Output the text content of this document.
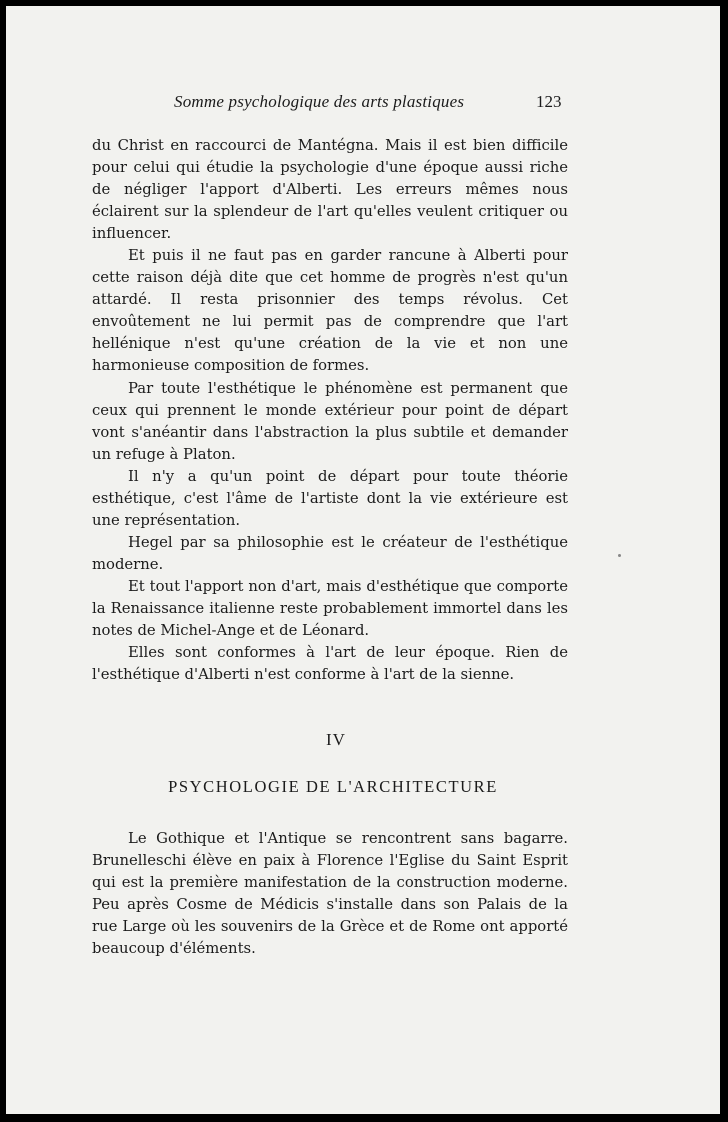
Somme psychologique des arts plastiques	123

du Christ en raccourci de Mantégna. Mais il est bien difficile pour celui qui étudie la psychologie d'une époque aussi riche de négliger l'apport d'Alberti. Les erreurs mêmes nous éclairent sur la splendeur de l'art qu'elles veulent critiquer ou influencer.

Et puis il ne faut pas en garder rancune à Alberti pour cette raison déjà dite que cet homme de progrès n'est qu'un attardé. Il resta prisonnier des temps révolus. Cet envoûtement ne lui permit pas de comprendre que l'art hellénique n'est qu'une création de la vie et non une harmonieuse composition de formes.

Par toute l'esthétique le phénomène est permanent que ceux qui prennent le monde extérieur pour point de départ vont s'anéantir dans l'abstraction la plus subtile et demander un refuge à Platon.

Il n'y a qu'un point de départ pour toute théorie esthétique, c'est l'âme de l'artiste dont la vie extérieure est une représentation.

Hegel par sa philosophie est le créateur de l'esthétique moderne.

Et tout l'apport non d'art, mais d'esthétique que comporte la Renaissance italienne reste probablement immortel dans les notes de Michel-Ange et de Léonard.

Elles sont conformes à l'art de leur époque. Rien de l'esthétique d'Alberti n'est conforme à l'art de la sienne.

IV
PSYCHOLOGIE DE L'ARCHITECTURE

Le Gothique et l'Antique se rencontrent sans bagarre. Brunelleschi élève en paix à Florence l'Eglise du Saint Esprit qui est la première manifestation de la construction moderne. Peu après Cosme de Médicis s'installe dans son Palais de la rue Large où les souvenirs de la Grèce et de Rome ont apporté beaucoup d'éléments.
